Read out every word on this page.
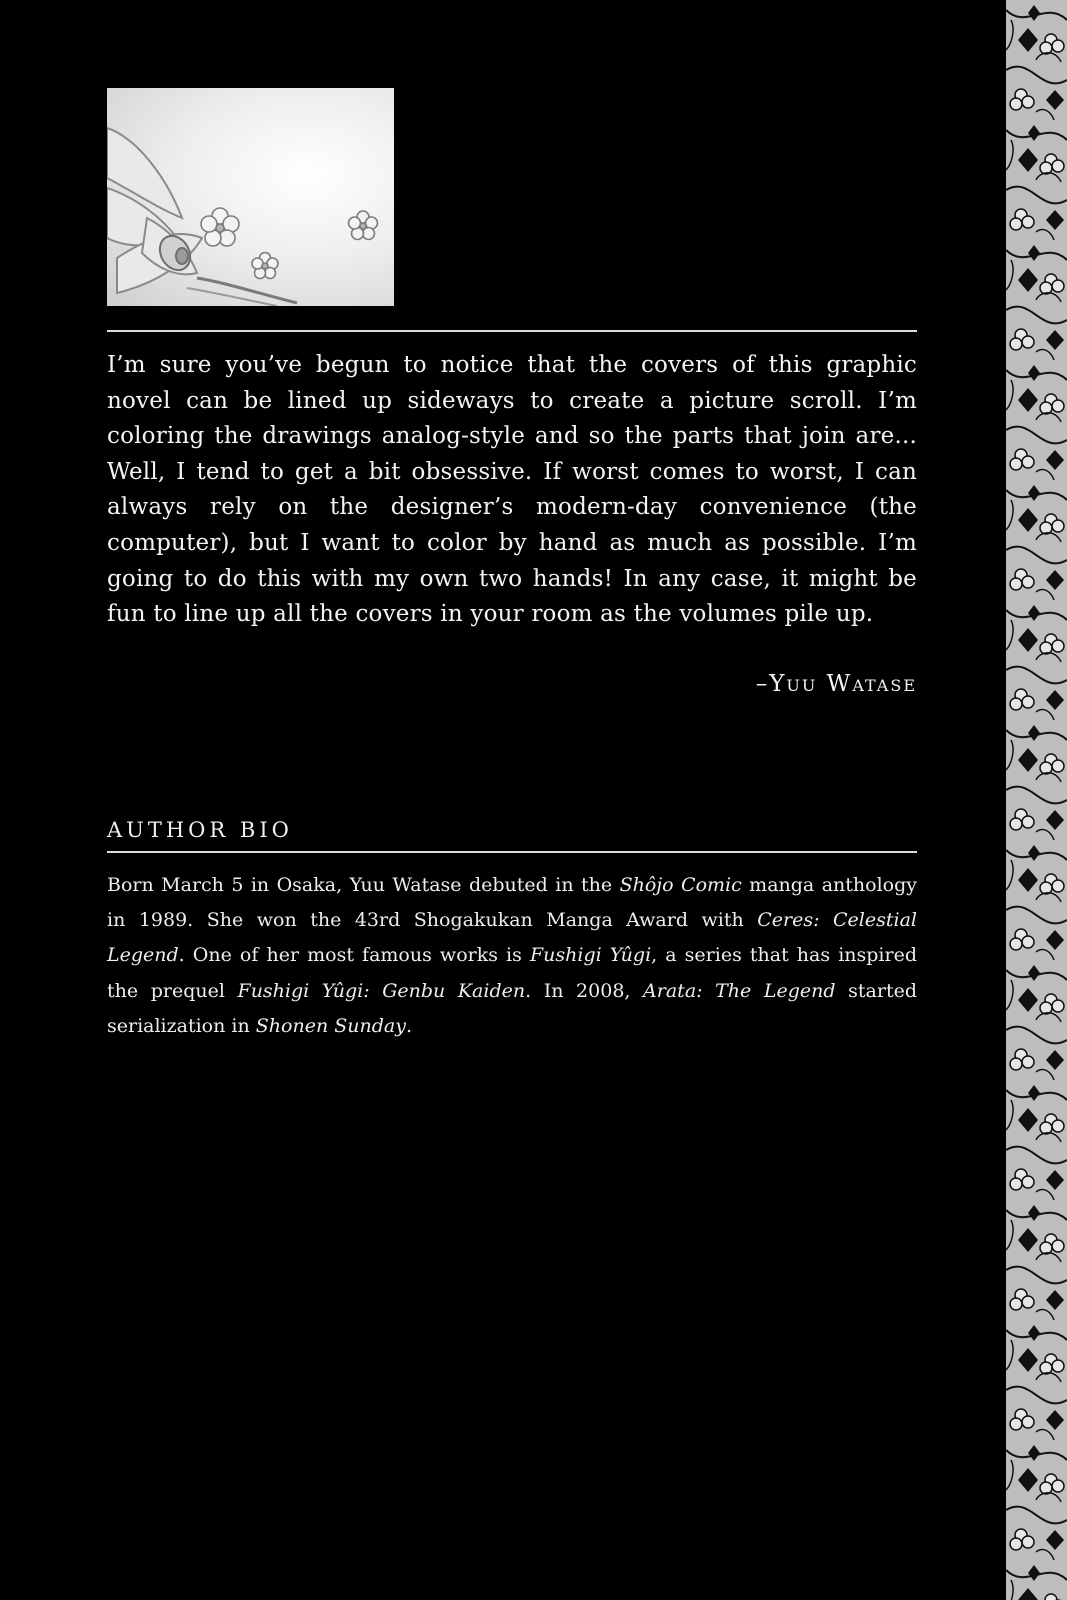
I’m sure you’ve begun to notice that the covers of this graphic novel can be lined up sideways to create a picture scroll. I’m coloring the drawings analog-style and so the parts that join are... Well, I tend to get a bit obsessive. If worst comes to worst, I can always rely on the designer’s modern-day convenience (the computer), but I want to color by hand as much as possible. I’m going to do this with my own two hands! In any case, it might be fun to line up all the covers in your room as the volumes pile up.

–Yuu Watase
AUTHOR BIO

Born March 5 in Osaka, Yuu Watase debuted in the Shôjo Comic manga anthology in 1989. She won the 43rd Shogakukan Manga Award with Ceres: Celestial Legend. One of her most famous works is Fushigi Yûgi, a series that has inspired the prequel Fushigi Yûgi: Genbu Kaiden. In 2008, Arata: The Legend started serialization in Shonen Sunday.
